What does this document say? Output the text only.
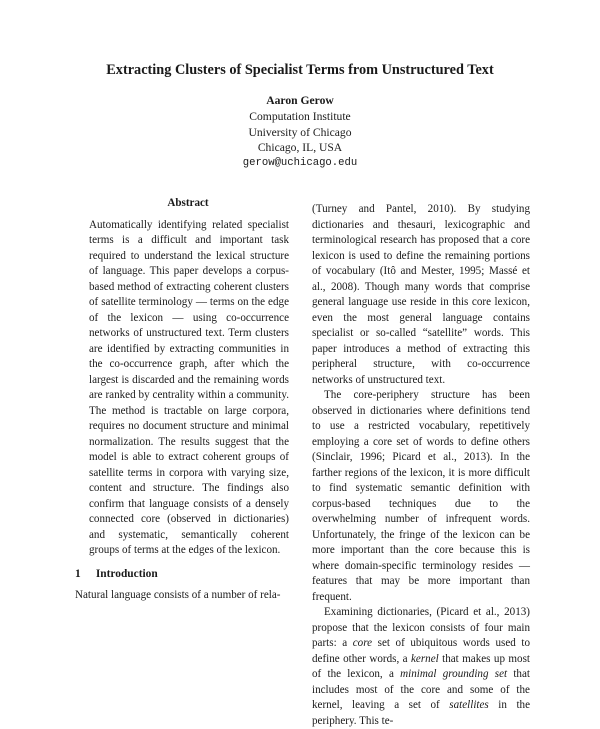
Extracting Clusters of Specialist Terms from Unstructured Text
Aaron Gerow
Computation Institute
University of Chicago
Chicago, IL, USA
gerow@uchicago.edu
Abstract

Automatically identifying related specialist terms is a difficult and important task required to understand the lexical structure of language. This paper develops a corpus-based method of extracting coherent clusters of satellite terminology — terms on the edge of the lexicon — using co-occurrence networks of unstructured text. Term clusters are identified by extracting communities in the co-occurrence graph, after which the largest is discarded and the remaining words are ranked by centrality within a community. The method is tractable on large corpora, requires no document structure and minimal normalization. The results suggest that the model is able to extract coherent groups of satellite terms in corpora with varying size, content and structure. The findings also confirm that language consists of a densely connected core (observed in dictionaries) and systematic, semantically coherent groups of terms at the edges of the lexicon.

1 Introduction

Natural language consists of a number of rela-

(Turney and Pantel, 2010). By studying dictionaries and thesauri, lexicographic and terminological research has proposed that a core lexicon is used to define the remaining portions of vocabulary (Itô and Mester, 1995; Massé et al., 2008). Though many words that comprise general language use reside in this core lexicon, even the most general language contains specialist or so-called “satellite” words. This paper introduces a method of extracting this peripheral structure, with co-occurrence networks of unstructured text.

The core-periphery structure has been observed in dictionaries where definitions tend to use a restricted vocabulary, repetitively employing a core set of words to define others (Sinclair, 1996; Picard et al., 2013). In the farther regions of the lexicon, it is more difficult to find systematic semantic definition with corpus-based techniques due to the overwhelming number of infrequent words. Unfortunately, the fringe of the lexicon can be more important than the core because this is where domain-specific terminology resides — features that may be more important than frequent.

Examining dictionaries, (Picard et al., 2013) propose that the lexicon consists of four main parts: a core set of ubiquitous words used to define other words, a kernel that makes up most of the lexicon, a minimal grounding set that includes most of the core and some of the kernel, leaving a set of satellites in the periphery. This te-
